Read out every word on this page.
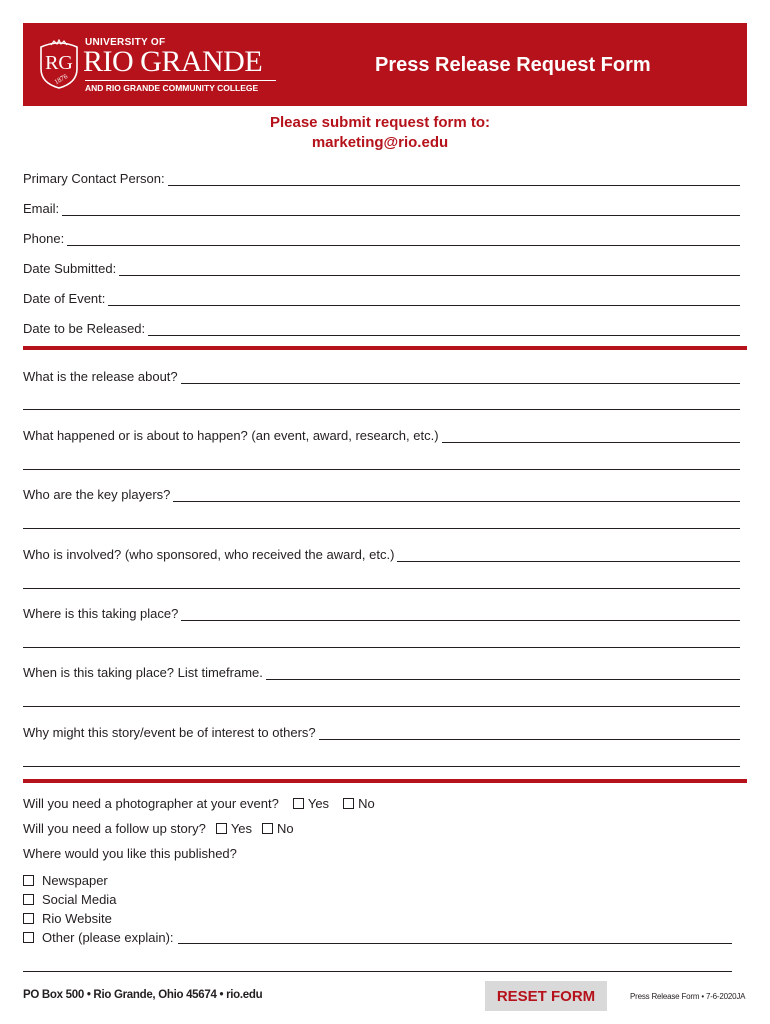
RG
1876
UNIVERSITY OF
RIO GRANDE
AND RIO GRANDE COMMUNITY COLLEGE
Press Release Request Form
Please submit request form to:
marketing@rio.edu
Primary Contact Person:
Email:
Phone:
Date Submitted:
Date of Event:
Date to be Released:
What is the release about?
What happened or is about to happen? (an event, award, research, etc.)
Who are the key players?
Who is involved? (who sponsored, who received the award, etc.)
Where is this taking place?
When is this taking place? List timeframe.
Why might this story/event be of interest to others?
Will you need a photographer at your event? Yes No
Will you need a follow up story? Yes No
Where would you like this published?
Newspaper
Social Media
Rio Website
Other (please explain):
PO Box 500 • Rio Grande, Ohio 45674 • rio.edu	RESET FORM	Press Release Form • 7-6-2020JA
